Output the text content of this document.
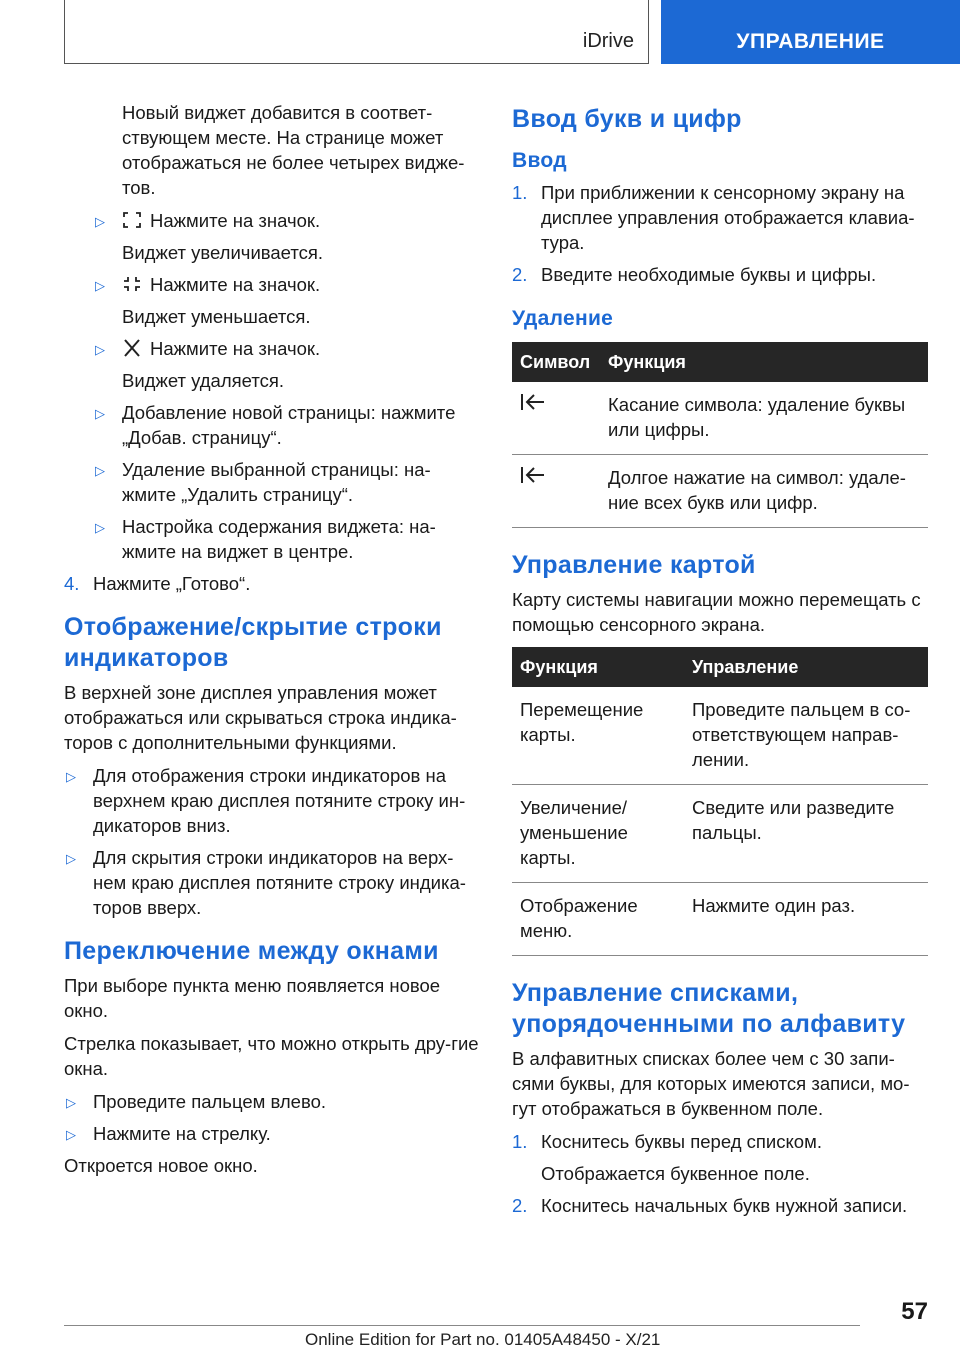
iDrive	УПРАВЛЕНИЕ

Новый виджет добавится в соответ-ствующем месте. На странице может отображаться не более четырех видже-тов.

▷ Нажмите на значок.

Виджет увеличивается.

▷ Нажмите на значок.

Виджет уменьшается.

▷ Нажмите на значок.

Виджет удаляется.

▷ Добавление новой страницы: нажмите „Добав. страницу“.
▷ Удаление выбранной страницы: на-жмите „Удалить страницу“.
▷ Настройка содержания виджета: на-жмите на виджет в центре.
4. Нажмите „Готово“.
Отображение/скрытие строки индикаторов

В верхней зоне дисплея управления может отображаться или скрываться строка индика-торов с дополнительными функциями.

▷ Для отображения строки индикаторов на верхнем краю дисплея потяните строку ин-дикаторов вниз.
▷ Для скрытия строки индикаторов на верх-нем краю дисплея потяните строку индика-торов вверх.
Переключение между окнами

При выборе пункта меню появляется новое окно.

Стрелка показывает, что можно открыть дру-гие окна.

▷ Проведите пальцем влево.
▷ Нажмите на стрелку.

Откроется новое окно.

Ввод букв и цифр
Ввод
1. При приближении к сенсорному экрану на дисплее управления отображается клавиа-тура.
2. Введите необходимые буквы и цифры.
Удаление
Символ	Функция
	Касание символа: удаление буквы или цифры.
	Долгое нажатие на символ: удале-ние всех букв или цифр.
Управление картой

Карту системы навигации можно перемещать с помощью сенсорного экрана.

Функция	Управление
Перемещение карты.	Проведите пальцем в со-ответствующем направ-лении.
Увеличение/ уменьшение карты.	Сведите или разведите пальцы.
Отображение меню.	Нажмите один раз.
Управление списками, упорядоченными по алфавиту

В алфавитных списках более чем с 30 запи-сями буквы, для которых имеются записи, мо-гут отображаться в буквенном поле.

1. Коснитесь буквы перед списком.

Отображается буквенное поле.

2. Коснитесь начальных букв нужной записи.
57
Online Edition for Part no. 01405A48450 - X/21
